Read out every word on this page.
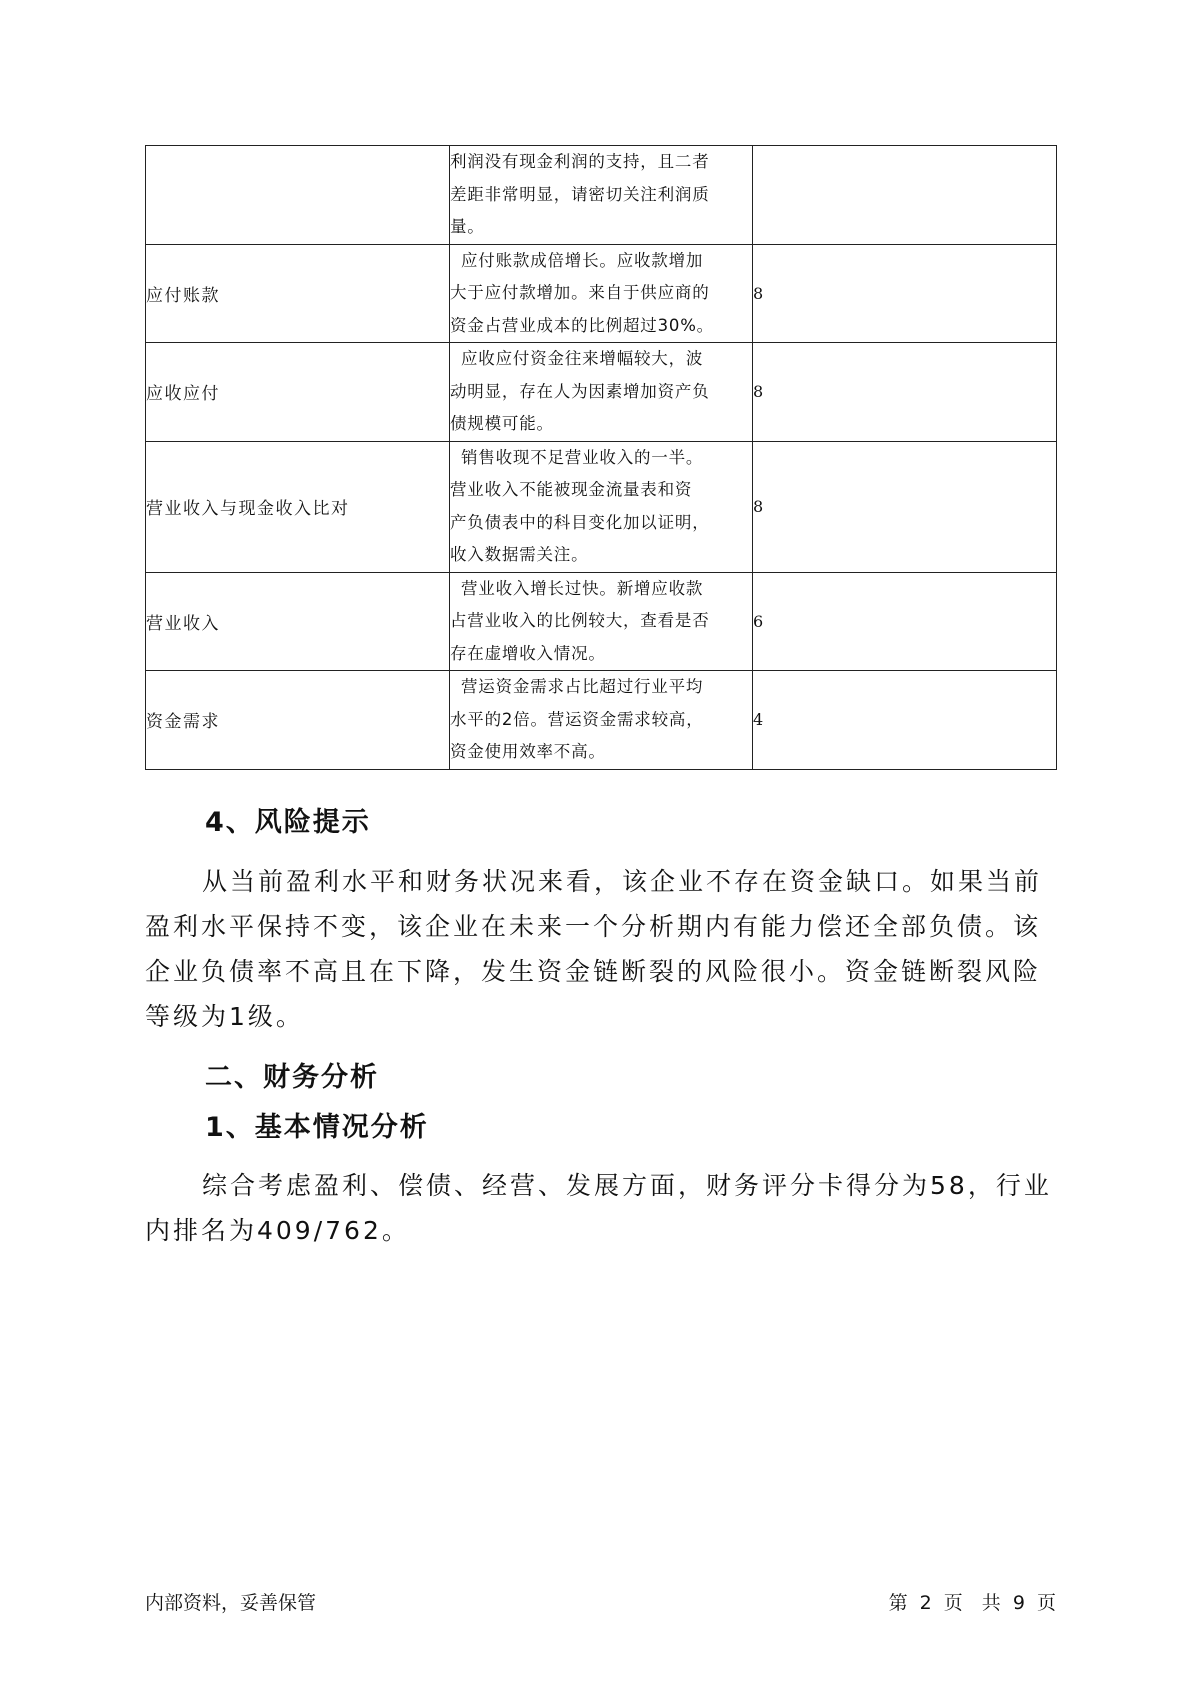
	利润没有现金利润的支持，且二者
差距非常明显，请密切关注利润质
量。	

应付账款	应付账款成倍增长。应收款增加
大于应付款增加。来自于供应商的
资金占营业成本的比例超过30%。	8
应收应付	应收应付资金往来增幅较大，波
动明显，存在人为因素增加资产负
债规模可能。	8
营业收入与现金收入比对	销售收现不足营业收入的一半。
营业收入不能被现金流量表和资
产负债表中的科目变化加以证明，
收入数据需关注。	8
营业收入	营业收入增长过快。新增应收款
占营业收入的比例较大，查看是否
存在虚增收入情况。	6
资金需求	营运资金需求占比超过行业平均
水平的2倍。营运资金需求较高，
资金使用效率不高。	4
4、风险提示
从当前盈利水平和财务状况来看，该企业不存在资金缺口。如果当前
盈利水平保持不变，该企业在未来一个分析期内有能力偿还全部负债。该
企业负债率不高且在下降，发生资金链断裂的风险很小。资金链断裂风险
等级为1级。
二、财务分析
1、基本情况分析
综合考虑盈利、偿债、经营、发展方面，财务评分卡得分为58，行业
内排名为409/762。
内部资料，妥善保管	第 2 页　共 9 页
